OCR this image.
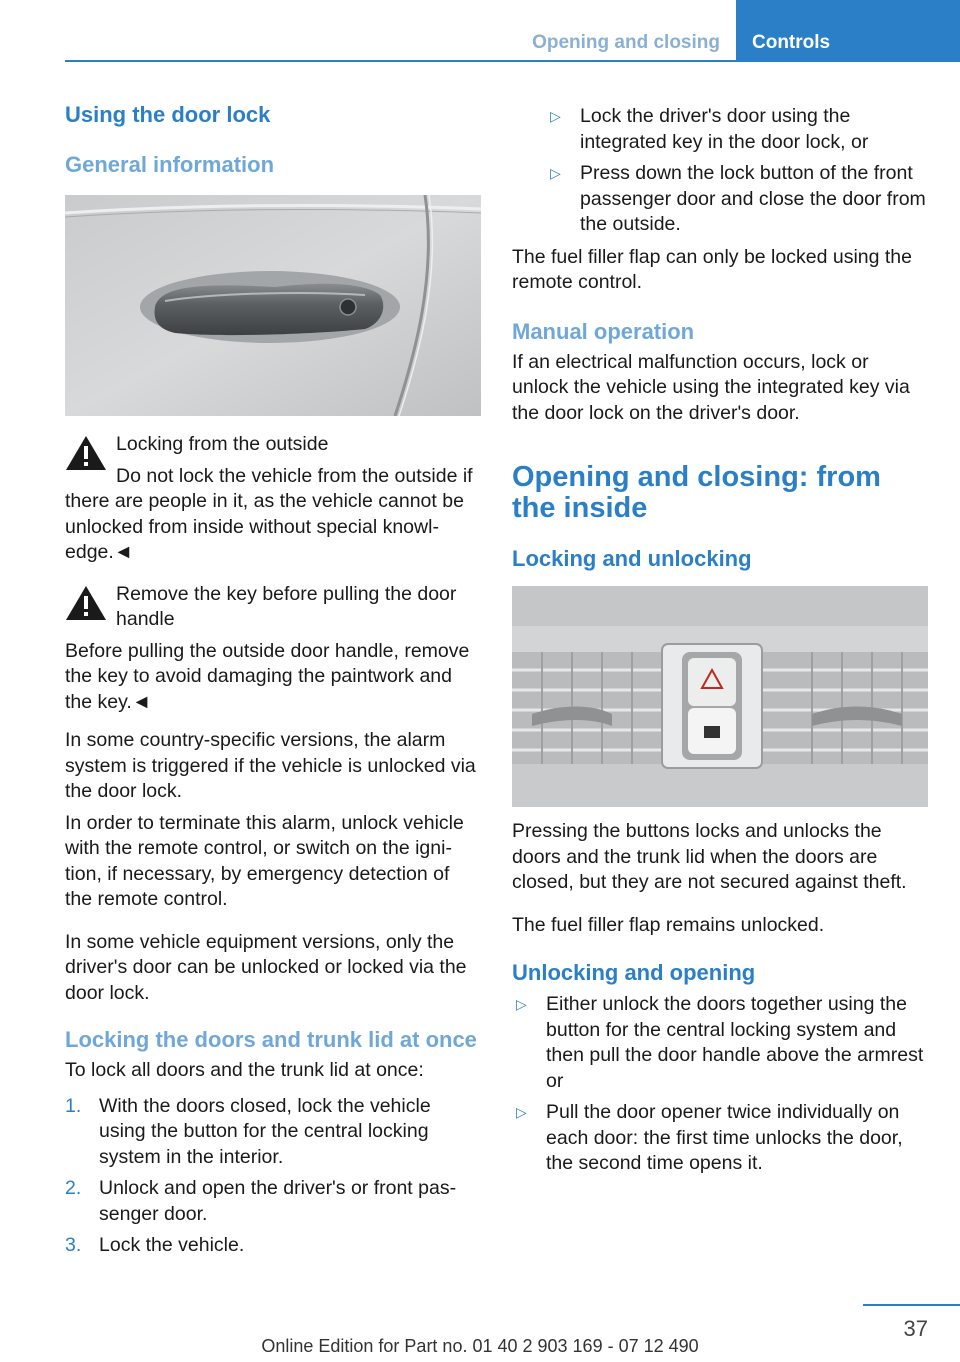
Opening and closing	Controls
Using the door lock
General information

Locking from the outside

Do not lock the vehicle from the outside if there are people in it, as the vehicle cannot be unlocked from inside without special knowledge.◄

Remove the key before pulling the door handle

Before pulling the outside door handle, remove the key to avoid damaging the paintwork and the key.◄

In some country-specific versions, the alarm system is triggered if the vehicle is unlocked via the door lock.

In order to terminate this alarm, unlock vehicle with the remote control, or switch on the ignition, if necessary, by emergency detection of the remote control.

In some vehicle equipment versions, only the driver's door can be unlocked or locked via the door lock.

Locking the doors and trunk lid at once

To lock all doors and the trunk lid at once:

1. With the doors closed, lock the vehicle using the button for the central locking system in the interior.
2. Unlock and open the driver's or front passenger door.
3. Lock the vehicle.
▷ Lock the driver's door using the integrated key in the door lock, or
▷ Press down the lock button of the front passenger door and close the door from the outside.

The fuel filler flap can only be locked using the remote control.

Manual operation

If an electrical malfunction occurs, lock or unlock the vehicle using the integrated key via the door lock on the driver's door.

Opening and closing: from the inside
Locking and unlocking

Pressing the buttons locks and unlocks the doors and the trunk lid when the doors are closed, but they are not secured against theft.

The fuel filler flap remains unlocked.

Unlocking and opening
▷ Either unlock the doors together using the button for the central locking system and then pull the door handle above the armrest or
▷ Pull the door opener twice individually on each door: the first time unlocks the door, the second time opens it.
37
Online Edition for Part no. 01 40 2 903 169 - 07 12 490
